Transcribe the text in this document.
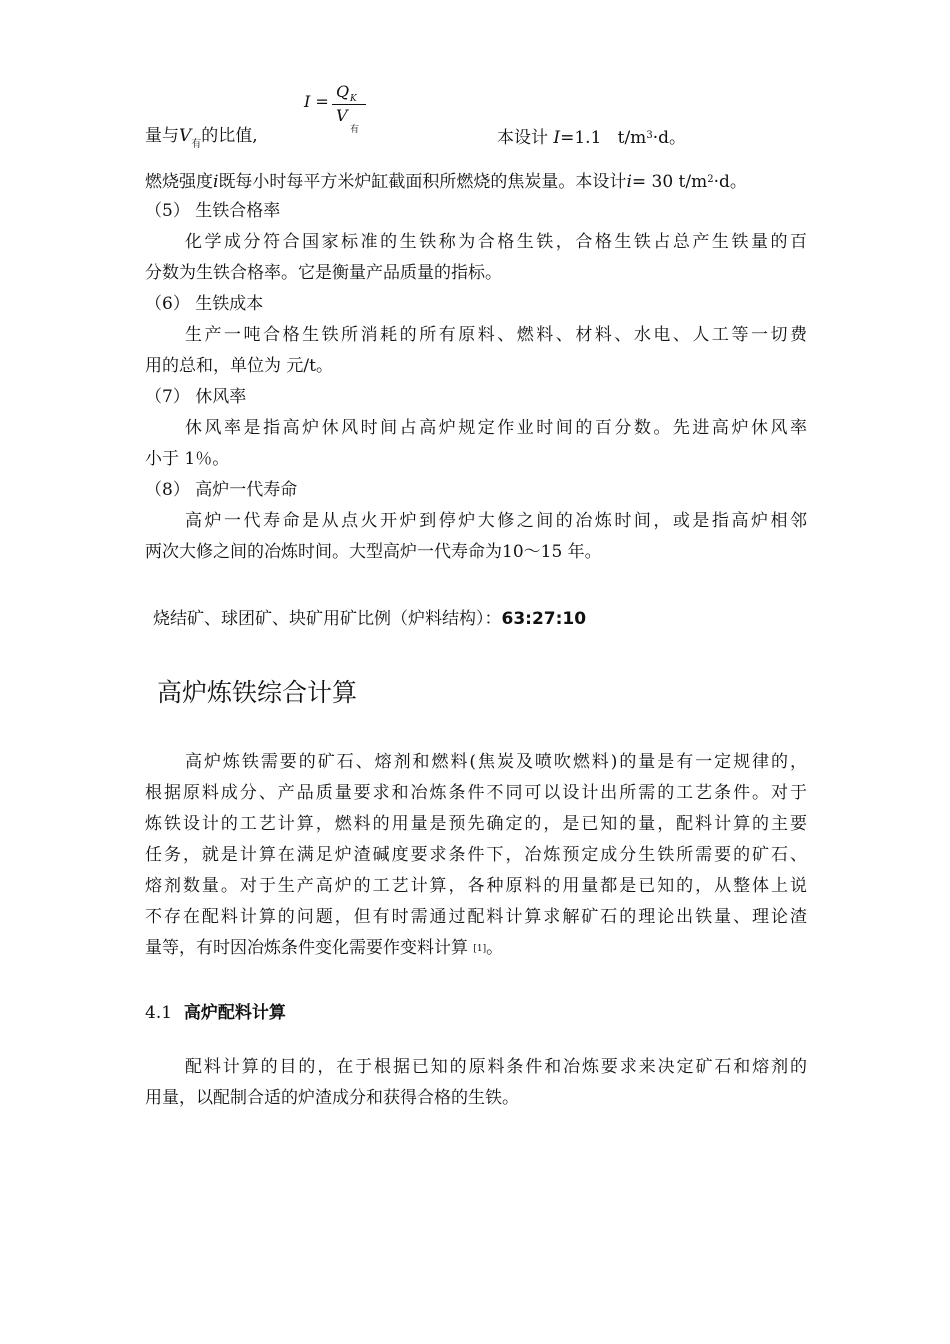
I =
Q K
V
有
量与$V_有$的比值,	本设计 I=1.1 $t/m^3\cdot d$。
燃烧强度i既每小时每平方米炉缸截面积所燃烧的焦炭量。本设计i= 30 $t/m^2\cdot d$。
（5） 生铁合格率
化学成分符合国家标准的生铁称为合格生铁，合格生铁占总产生铁量的百
分数为生铁合格率。它是衡量产品质量的指标。
（6） 生铁成本
生产一吨合格生铁所消耗的所有原料、燃料、材料、水电、人工等一切费
用的总和，单位为 元/t。
（7） 休风率
休风率是指高炉休风时间占高炉规定作业时间的百分数。先进高炉休风率
小于 1％。
（8） 高炉一代寿命
高炉一代寿命是从点火开炉到停炉大修之间的冶炼时间，或是指高炉相邻
两次大修之间的冶炼时间。大型高炉一代寿命为10～15 年。
烧结矿、球团矿、块矿用矿比例（炉料结构）：63:27:10
高炉炼铁综合计算
高炉炼铁需要的矿石、熔剂和燃料(焦炭及喷吹燃料)的量是有一定规律的，
根据原料成分、产品质量要求和冶炼条件不同可以设计出所需的工艺条件。对于
炼铁设计的工艺计算，燃料的用量是预先确定的，是已知的量，配料计算的主要
任务，就是计算在满足炉渣碱度要求条件下，冶炼预定成分生铁所需要的矿石、
熔剂数量。对于生产高炉的工艺计算，各种原料的用量都是已知的，从整体上说
不存在配料计算的问题，但有时需通过配料计算求解矿石的理论出铁量、理论渣
量等，有时因冶炼条件变化需要作变料计算 [1]。
4.1 高炉配料计算
配料计算的目的，在于根据已知的原料条件和冶炼要求来决定矿石和熔剂的
用量，以配制合适的炉渣成分和获得合格的生铁。
